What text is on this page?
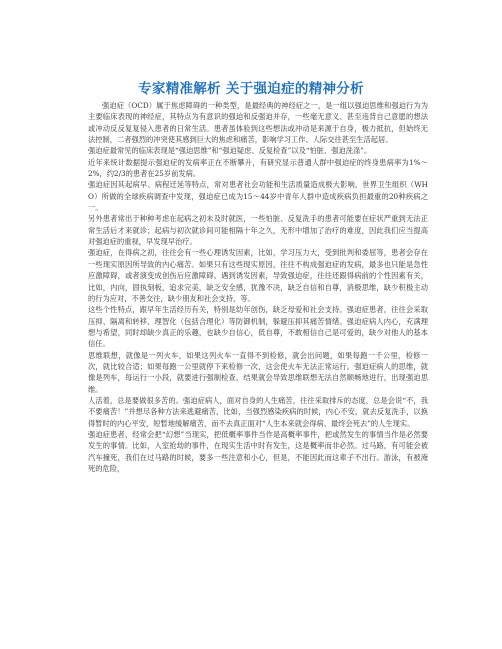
专家精准解析 关于强迫症的精神分析

强迫症（OCD）属于焦虑障碍的一种类型，是最经典的神经症之一，是一组以强迫思维和强迫行为为主要临床表现的神经症，其特点为有意识的强迫和反强迫并存，一些毫无意义、甚至违背自己意愿的想法或冲动反反复复侵入患者的日常生活。患者虽体验到这些想法或冲动是来源于自身，极力抵抗，但始终无法控制，二者强烈的冲突使其感到巨大的焦虑和痛苦，影响学习工作、人际交往甚至生活起居。

强迫症最常见的临床表现是“强迫思维”和“强迫疑虑、反复检查”以及“怕脏、强迫洗涤”。

近年来统计数据提示强迫症的发病率正在不断攀升，有研究显示普通人群中强迫症的终身患病率为1%～2%，约2/3的患者在25岁前发病。

强迫症因其起病早、病程迁延等特点，常对患者社会功能和生活质量造成极大影响，世界卫生组织（WHO）所做的全球疾病调查中发现，强迫症已成为15～44岁中青年人群中造成疾病负担最重的20种疾病之一。

另外患者常出于种种考虑在起病之初未及时就医，一些怕脏、反复洗手的患者可能要在症状严重到无法正常生活后才来就诊；起病与初次就诊间可能相隔十年之久，无形中增加了治疗的难度，因此我们应当提高对强迫症的重视，早发现早治疗。

强迫症，在得病之初，往往会有一些心理诱发因素，比如，学习压力大，受到批判和委屈等，患者会存在一些现实原因所导致的内心痛苦。如果只有这些现实原因，往往不构成强迫症的发病，最多也只能是急性应激障碍，或者演变成创伤后应激障碍。遇到诱发因素，导致强迫症，往往还跟得病前的个性因素有关，比如，内向，固执刻板，追求完美，缺乏安全感，犹豫不决，缺乏自信和自尊，消极思维，缺少积极主动的行为应对，不善交往，缺少朋友和社会支持，等。

这些个性特点，跟早年生活经历有关，特别是幼年创伤，缺乏母爱和社会支持。强迫症患者，往往会采取压抑、隔离和转移、理智化（包括合理化）等防御机制，躲避压抑其痛苦情绪。强迫症病人内心，充满理想与希望，同时却缺少真正的乐趣，也缺少自信心，低自尊，不敢相信自己是可爱的，缺少对他人的基本信任。

思维联想，就像是一列火车，如果这列火车一直得不到检修，就会出问题，如果每跑一千公里，检修一次，就比较合适；如果每跑一公里就停下来检修一次，这会使火车无法正常运行。强迫症病人的思维，就像是列车，每运行一小段，就要进行强制检查，结果就会导致思维联想无法自然顺畅地进行，出现强迫思维。

人活着，总是要做很多苦的。强迫症病人，面对自身的人生痛苦，往往采取排斥的态度，总是会说“不，我不要痛苦！”并想尽各种方法来逃避痛苦，比如，当强烈感染疾病的时候，内心不安，就去反复洗手，以换得暂时的内心平安，短暂地缓解痛苦，而不去真正面对“人生本来就会得病、最终会死去”的人生现实。

强迫症患者，经常会把“幻想”当现实，把低概率事件当作是高概率事件，把或然发生的事情当作是必然要发生的事情。比如，入室抢劫的事件，在现实生活中时有发生，这是概率而非必然。过马路，有可能会被汽车撞死，我们在过马路的时候，要多一些注意和小心，但是，不能因此而这辈子不出行。游泳，有被淹死的危险，
